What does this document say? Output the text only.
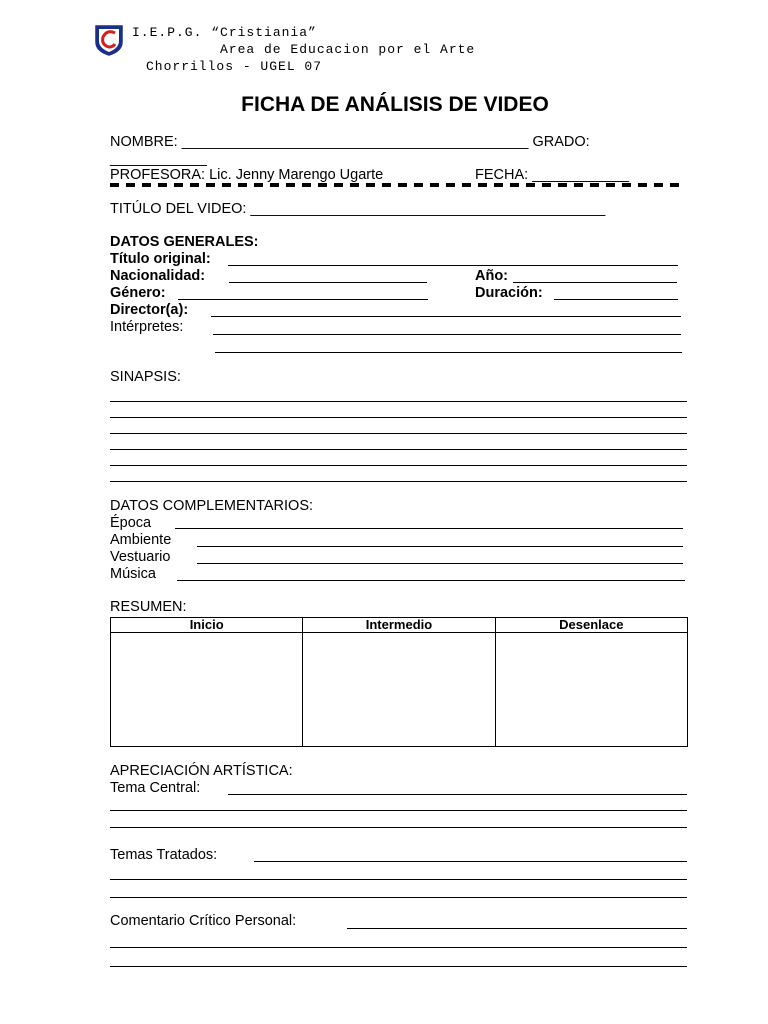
I.E.P.G. “Cristiania”
Area de Educacion por el Arte
Chorrillos - UGEL 07
FICHA DE ANÁLISIS DE VIDEO
NOMBRE: ___________________________________________ GRADO:
____________
PROFESORA: Lic. Jenny Marengo Ugarte	FECHA: ____________
TITÚLO DEL VIDEO: ____________________________________________
DATOS GENERALES:
Título original:
Nacionalidad:	Año:
Género:	Duración:
Director(a):
Intérpretes:
SINAPSIS:
DATOS COMPLEMENTARIOS:
Época
Ambiente
Vestuario
Música
RESUMEN:
Inicio	Intermedio	Desenlace

APRECIACIÓN ARTÍSTICA:
Tema Central:
Temas Tratados:
Comentario Crítico Personal:
